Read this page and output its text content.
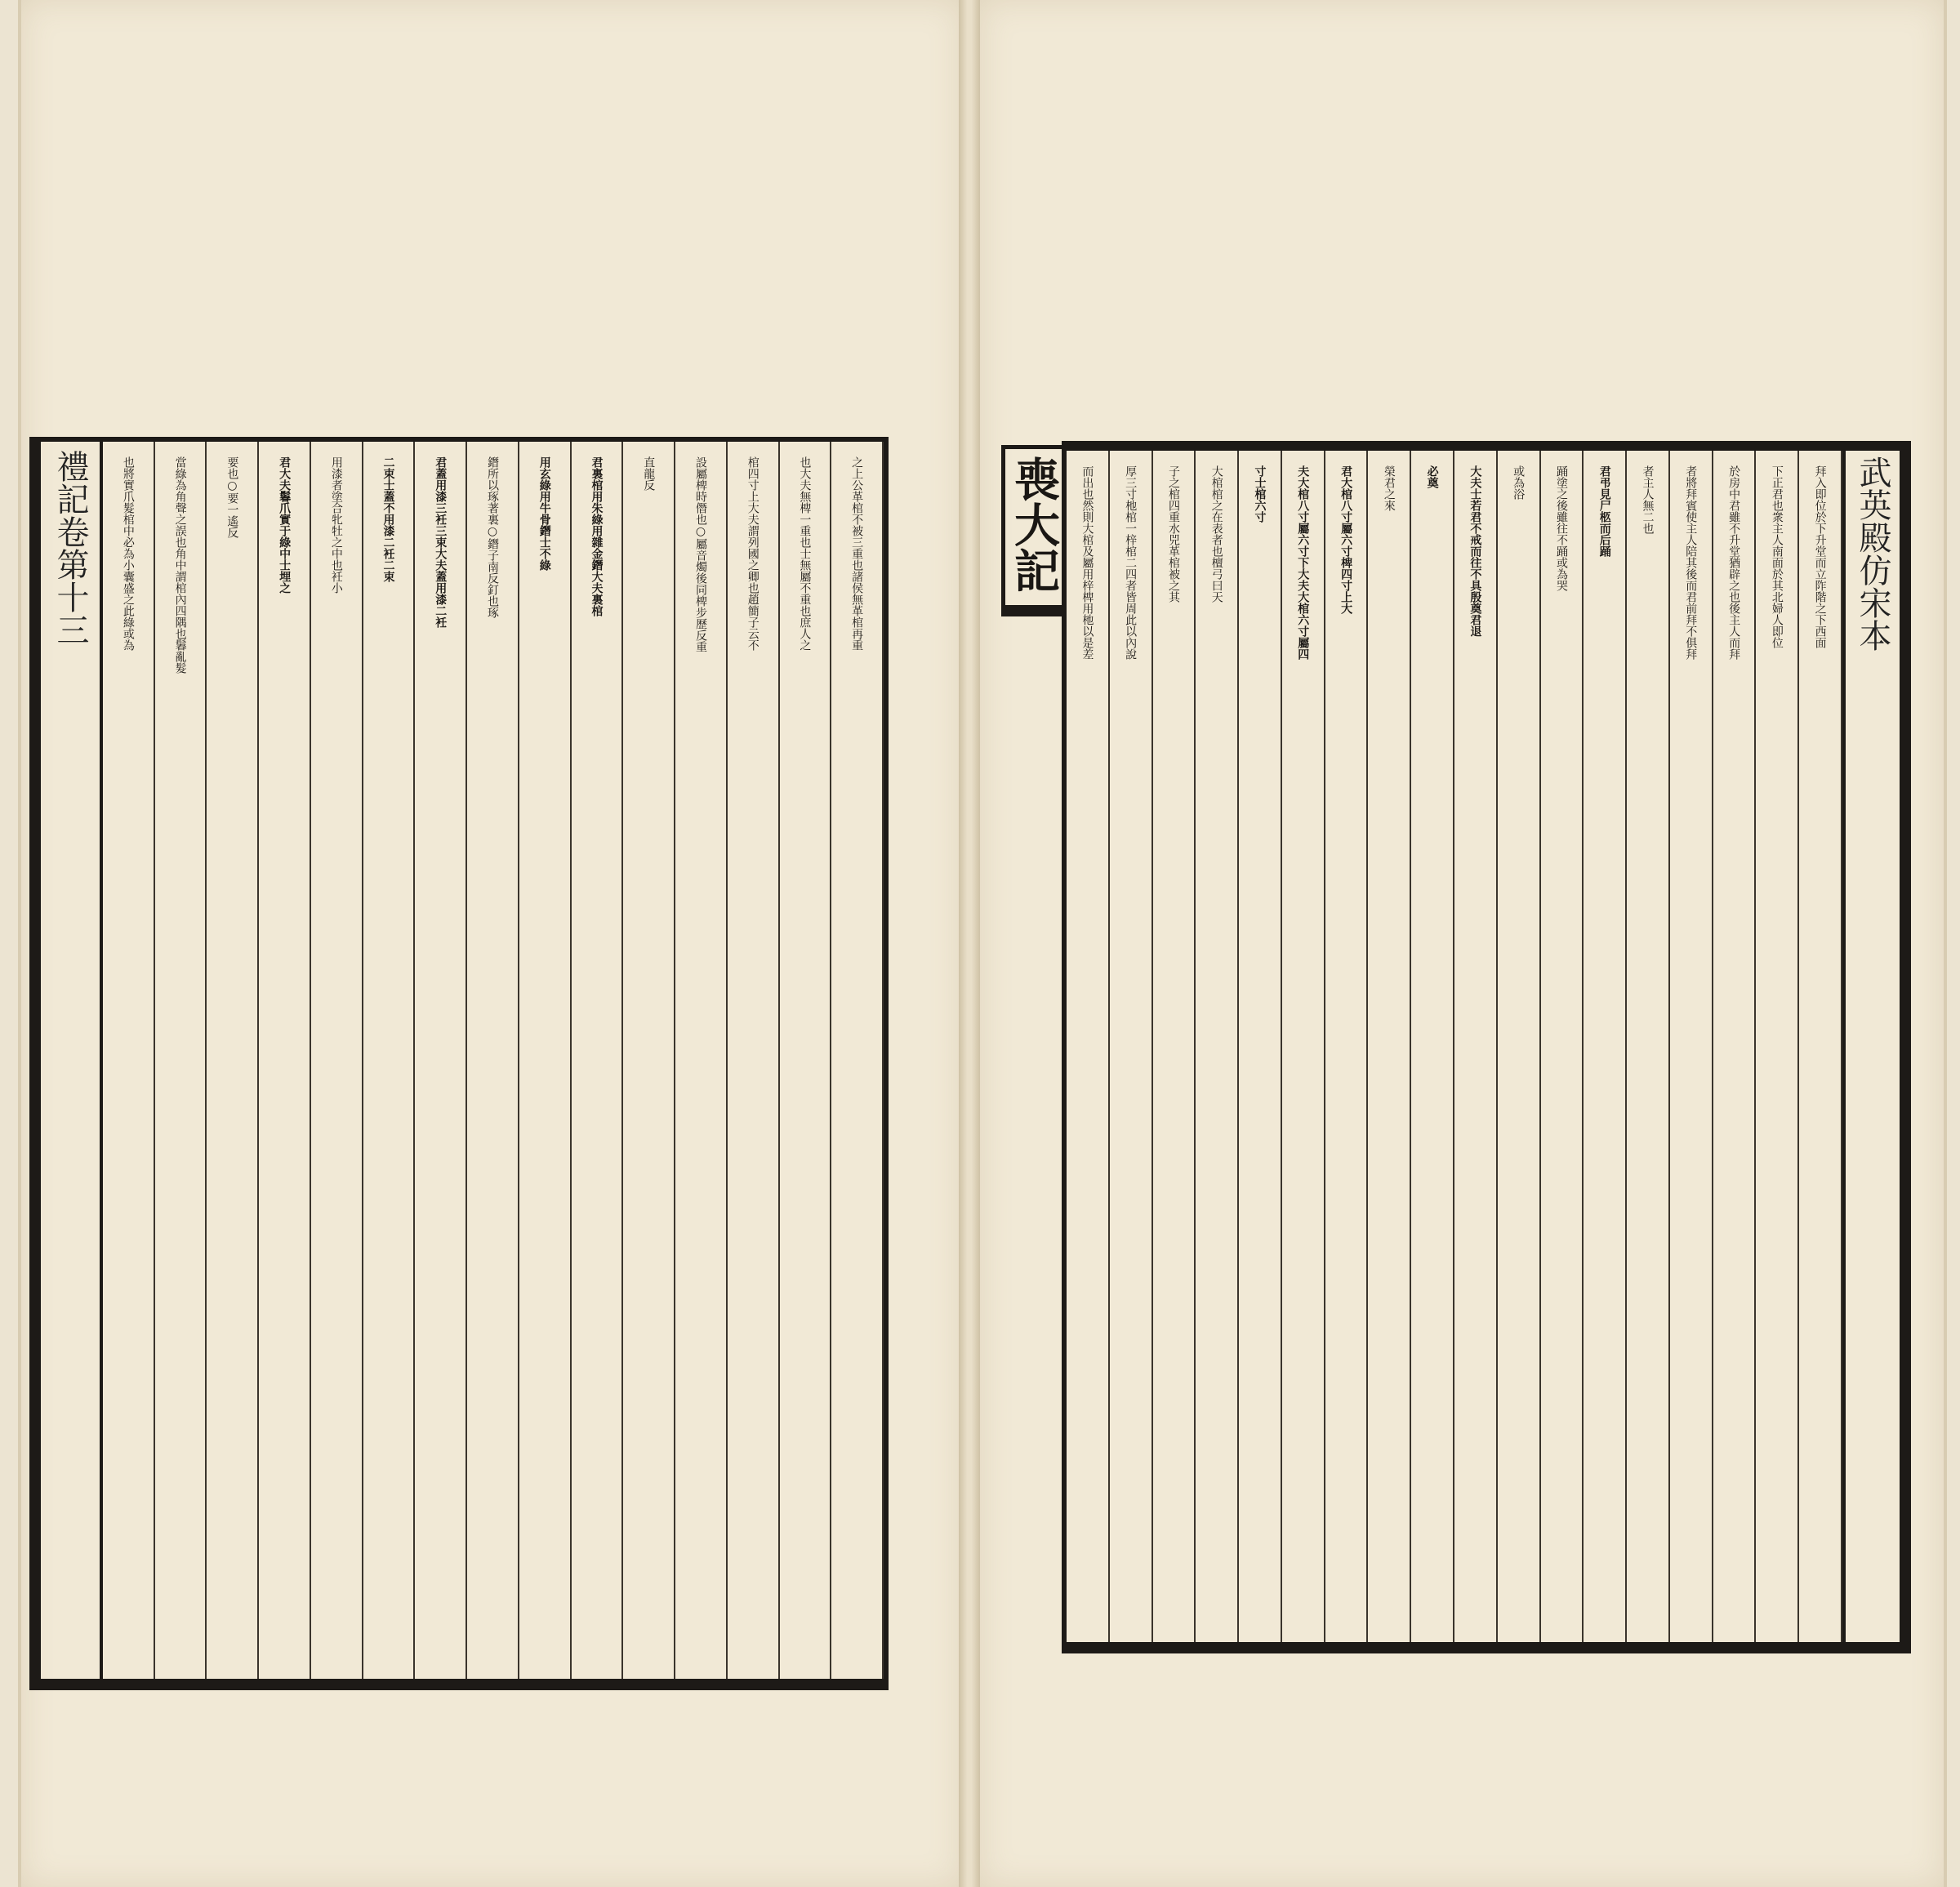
禮記卷第十三	之上公革棺不被三重也諸侯無革棺再重
也大夫無椑一重也士無屬不重也庶人之
棺四寸上大夫謂列國之卿也趙簡子云不
設屬椑時僭也○屬音燭後同椑步歷反重
直龍反
君裏棺用朱綠用雜金鐕大夫裏棺
用玄綠用牛骨鐕士不綠
鐕所以琢著裏○鐕子南反釘也琢
君蓋用漆三衽三束大夫蓋用漆二衽
二束士蓋不用漆二衽二束
用漆者塗合牝牡之中也衽小
君大夫鬊爪實于綠中士埋之
要也○要一遙反
當綠為角聲之誤也角中謂棺內四隅也鬊亂髮
也將實爪髮棺中必為小囊盛之此綠或為	武英殿仿宋本
拜入即位於下升堂而立阼階之下西面
下正君也衆主人南面於其北婦人即位
於房中君雖不升堂猶辟之也後主人而拜
者將拜賓使主人陪其後而君前拜不俱拜
者主人無二也
君弔見尸柩而后踊
踊塗之後雖往不踊或為哭
或為浴
大夫士若君不戒而往不具殷奠君退
必奠
榮君之來
君大棺八寸屬六寸椑四寸上大
夫大棺八寸屬六寸下大夫大棺六寸屬四
寸士棺六寸
大棺棺之在表者也檀弓曰天
子之棺四重水兕革棺被之其
厚三寸杝棺一梓棺二四者皆周此以內說
而出也然則大棺及屬用梓椑用杝以是差
喪大記
